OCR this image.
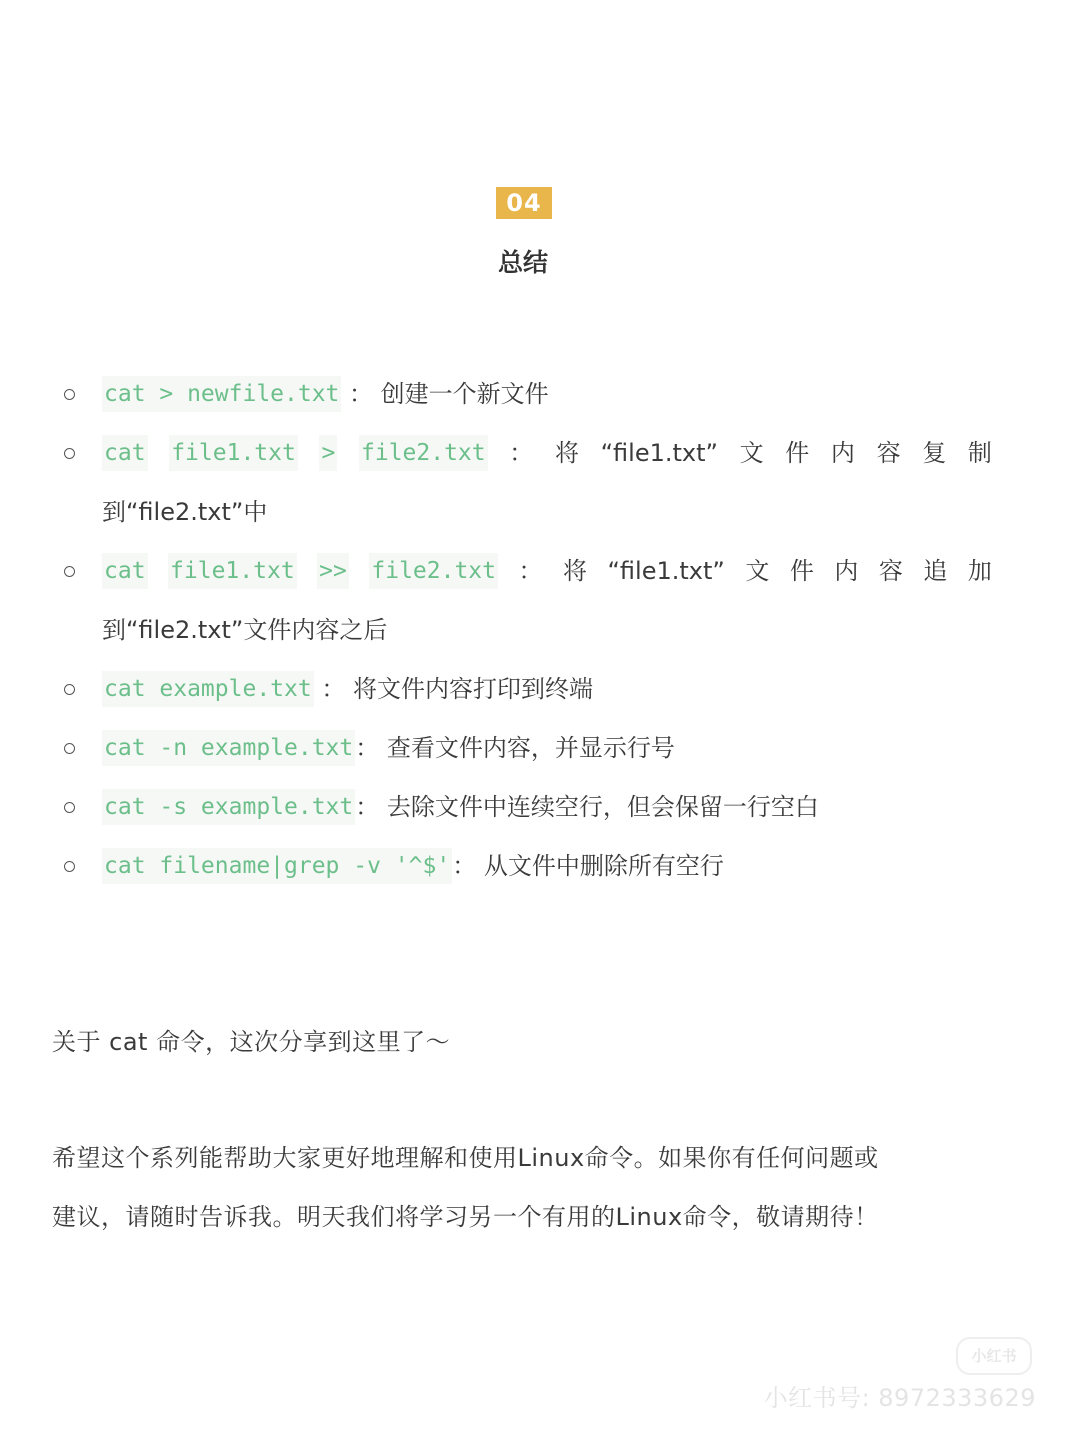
04
总结
cat > newfile.txt ： 创建一个新文件
cat file1.txt > file2.txt ： 将 “file1.txt” 文 件 内 容 复 制
到“file2.txt”中
cat file1.txt >> file2.txt ： 将 “file1.txt” 文 件 内 容 追 加
到“file2.txt”文件内容之后
cat example.txt ： 将文件内容打印到终端
cat -n example.txt ： 查看文件内容，并显示行号
cat -s example.txt ： 去除文件中连续空行，但会保留一行空白
cat filename|grep -v '^$' ： 从文件中删除所有空行
关于 cat 命令，这次分享到这里了～
希望这个系列能帮助大家更好地理解和使用Linux命令。如果你有任何问题或
建议，请随时告诉我。明天我们将学习另一个有用的Linux命令，敬请期待！
小红书
小红书号: 8972333629
